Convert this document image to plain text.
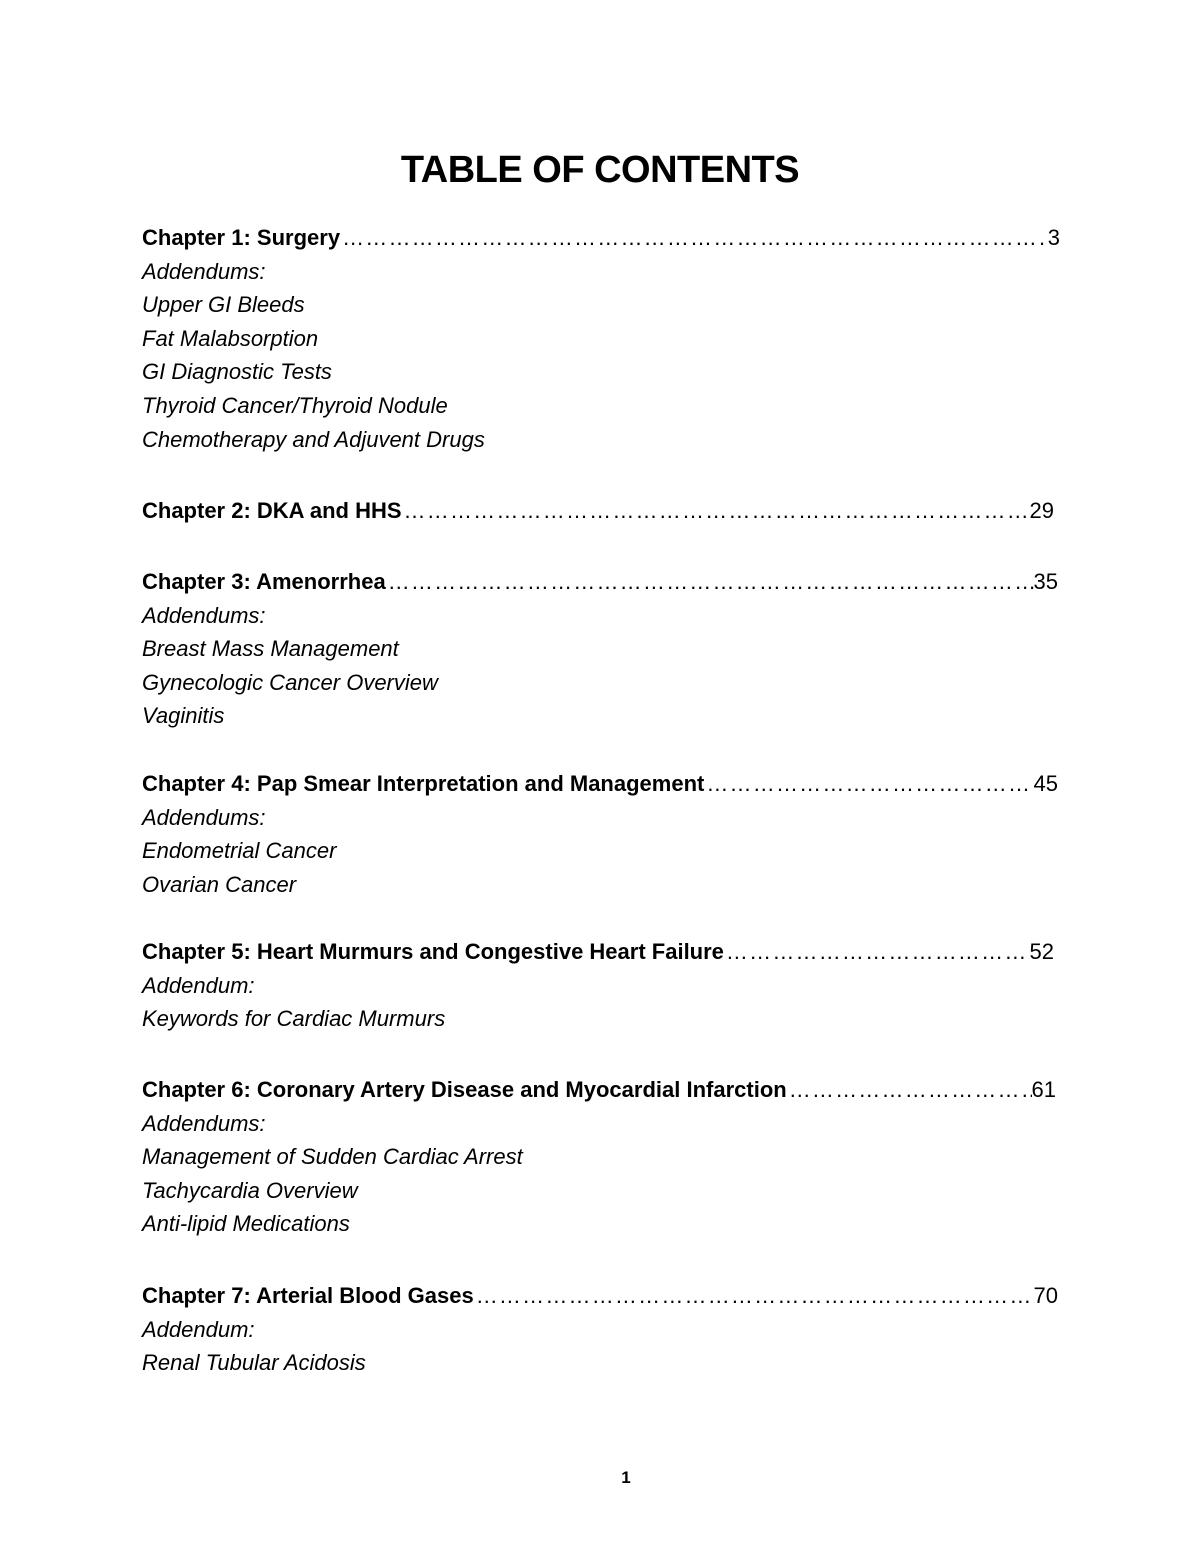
TABLE OF CONTENTS
Chapter 1: Surgery ……………………………………………………………………………………………………………………………………………………………………………………	3
Addendums:
Upper GI Bleeds
Fat Malabsorption
GI Diagnostic Tests
Thyroid Cancer/Thyroid Nodule
Chemotherapy and Adjuvent Drugs
Chapter 2: DKA and HHS ……………………………………………………………………………………………………………………………………………………………………………………	29
Chapter 3: Amenorrhea ……………………………………………………………………………………………………………………………………………………………………………………	35
Addendums:
Breast Mass Management
Gynecologic Cancer Overview
Vaginitis
Chapter 4: Pap Smear Interpretation and Management ……………………………………………………………………………………………………………………………………………………………………………………	45
Addendums:
Endometrial Cancer
Ovarian Cancer
Chapter 5: Heart Murmurs and Congestive Heart Failure ……………………………………………………………………………………………………………………………………………………………………………………	52
Addendum:
Keywords for Cardiac Murmurs
Chapter 6: Coronary Artery Disease and Myocardial Infarction ……………………………………………………………………………………………………………………………………………………………………………………	61
Addendums:
Management of Sudden Cardiac Arrest
Tachycardia Overview
Anti-lipid Medications
Chapter 7: Arterial Blood Gases ……………………………………………………………………………………………………………………………………………………………………………………	70
Addendum:
Renal Tubular Acidosis
1
